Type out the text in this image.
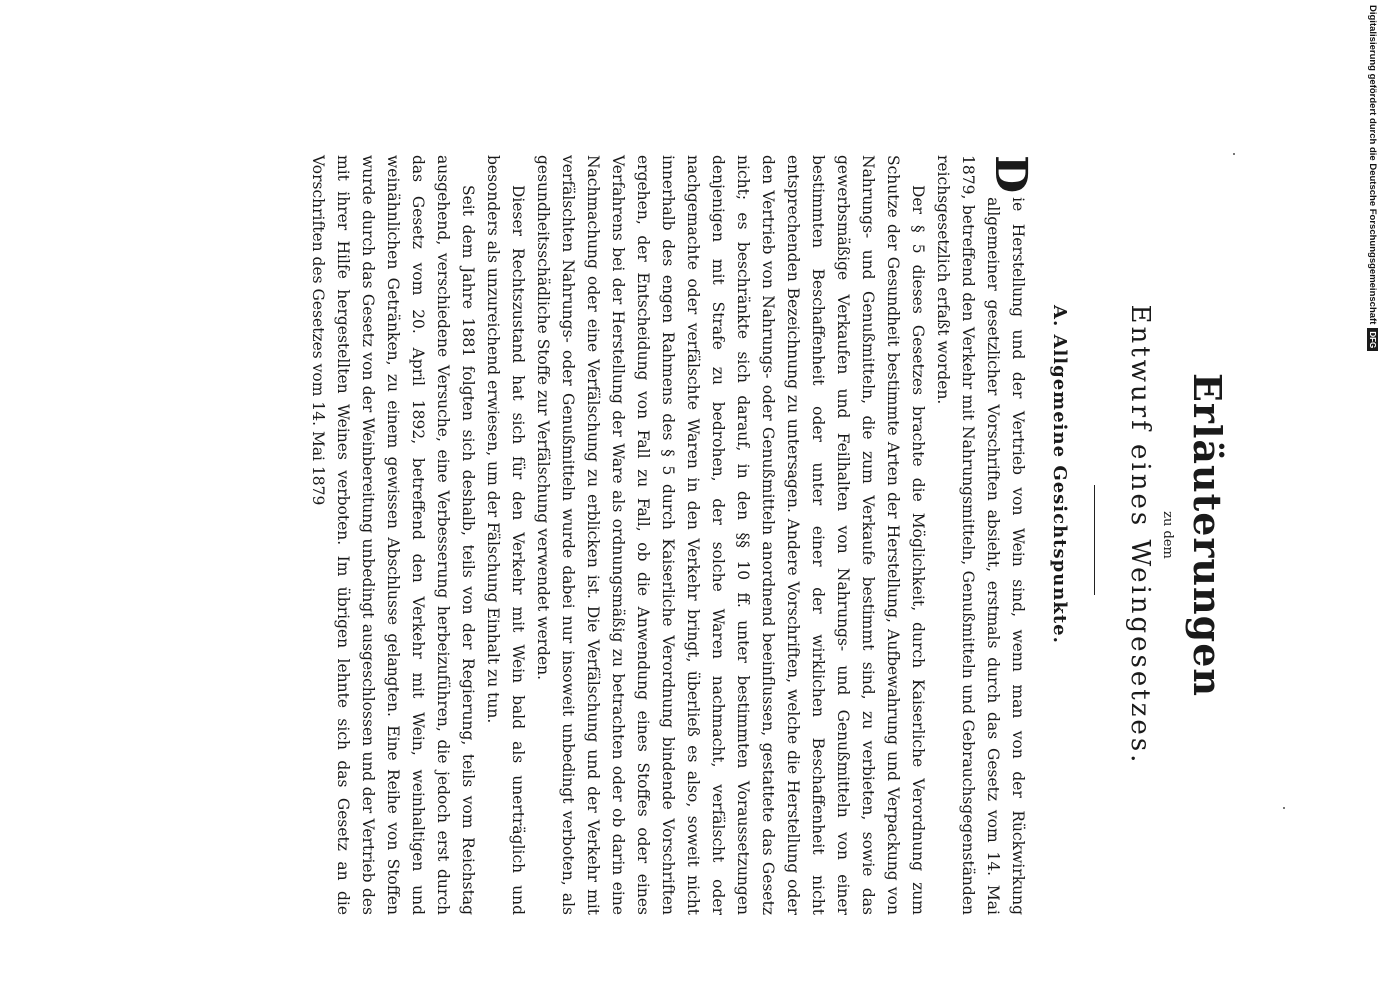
Erläuterungen
zu dem
Entwurf eines Weingesetzes.
A. Allgemeine Gesichtspunkte.

D
ie Herstellung und der Vertrieb von Wein sind, wenn man von der Rückwirkung allgemeiner gesetzlicher Vorschriften absieht, erstmals durch das Gesetz vom 14. Mai 1879, betreffend den Verkehr mit Nahrungsmitteln, Genußmitteln und Gebrauchsgegenständen reichsgesetzlich erfaßt worden.

Der § 5 dieses Gesetzes brachte die Möglichkeit, durch Kaiserliche Verordnung zum Schutze der Gesundheit bestimmte Arten der Herstellung, Aufbewahrung und Verpackung von Nahrungs- und Genußmitteln, die zum Verkaufe bestimmt sind, zu verbieten, sowie das gewerbsmäßige Verkaufen und Feilhalten von Nahrungs- und Genußmitteln von einer bestimmten Beschaffenheit oder unter einer der wirklichen Beschaffenheit nicht entsprechenden Bezeichnung zu untersagen. Andere Vorschriften, welche die Herstellung oder den Vertrieb von Nahrungs- oder Genußmitteln anordnend beeinflussen, gestattete das Gesetz nicht; es beschränkte sich darauf, in den §§ 10 ff. unter bestimmten Voraussetzungen denjenigen mit Strafe zu bedrohen, der solche Waren nachmacht, verfälscht oder nachgemachte oder verfälschte Waren in den Verkehr bringt, überließ es also, soweit nicht innerhalb des engen Rahmens des § 5 durch Kaiserliche Verordnung bindende Vorschriften ergehen, der Entscheidung von Fall zu Fall, ob die Anwendung eines Stoffes oder eines Verfahrens bei der Herstellung der Ware als ordnungsmäßig zu betrachten oder ob darin eine Nachmachung oder eine Verfälschung zu erblicken ist. Die Verfälschung und der Verkehr mit verfälschten Nahrungs- oder Genußmitteln wurde dabei nur insoweit unbedingt verboten, als gesundheitsschädliche Stoffe zur Verfälschung verwendet werden.

Dieser Rechtszustand hat sich für den Verkehr mit Wein bald als unerträglich und besonders als unzureichend erwiesen, um der Fälschung Einhalt zu tun.

Seit dem Jahre 1881 folgten sich deshalb, teils von der Regierung, teils vom Reichstag ausgehend, verschiedene Versuche, eine Verbesserung herbeizuführen, die jedoch erst durch das Gesetz vom 20. April 1892, betreffend den Verkehr mit Wein, weinhaltigen und weinähnlichen Getränken, zu einem gewissen Abschlusse gelangten. Eine Reihe von Stoffen wurde durch das Gesetz von der Weinbereitung unbedingt ausgeschlossen und der Vertrieb des mit ihrer Hilfe hergestellten Weines verboten. Im übrigen lehnte sich das Gesetz an die Vorschriften des Gesetzes vom 14. Mai 1879	Digitalisierung gefördert durch die Deutsche ForschungsgemeinschaftDFG
